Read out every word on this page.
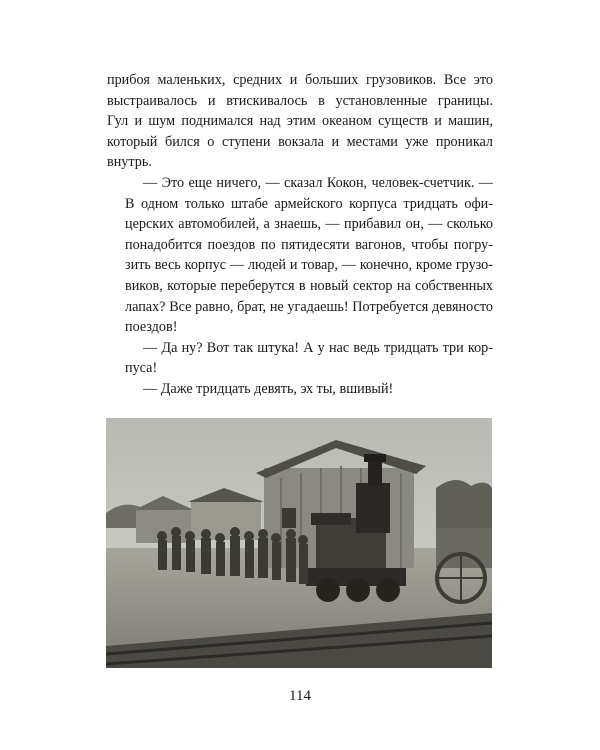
прибоя маленьких, средних и больших грузовиков. Все это
выстраивалось и втискивалось в установленные границы.
Гул и шум поднимался над этим океаном существ и машин,
который бился о ступени вокзала и местами уже проникал
внутрь.

— Это еще ничего, — сказал Кокон, человек-счетчик. —
В одном только штабе армейского корпуса тридцать офи-
церских автомобилей, а знаешь, — прибавил он, — сколько
понадобится поездов по пятидесяти вагонов, чтобы погру-
зить весь корпус — людей и товар, — конечно, кроме грузо-
виков, которые переберутся в новый сектор на собственных
лапах? Все равно, брат, не угадаешь! Потребуется девяносто
поездов!

— Да ну? Вот так штука! А у нас ведь тридцать три кор-
пуса!

— Даже тридцать девять, эх ты, вшивый!

114
